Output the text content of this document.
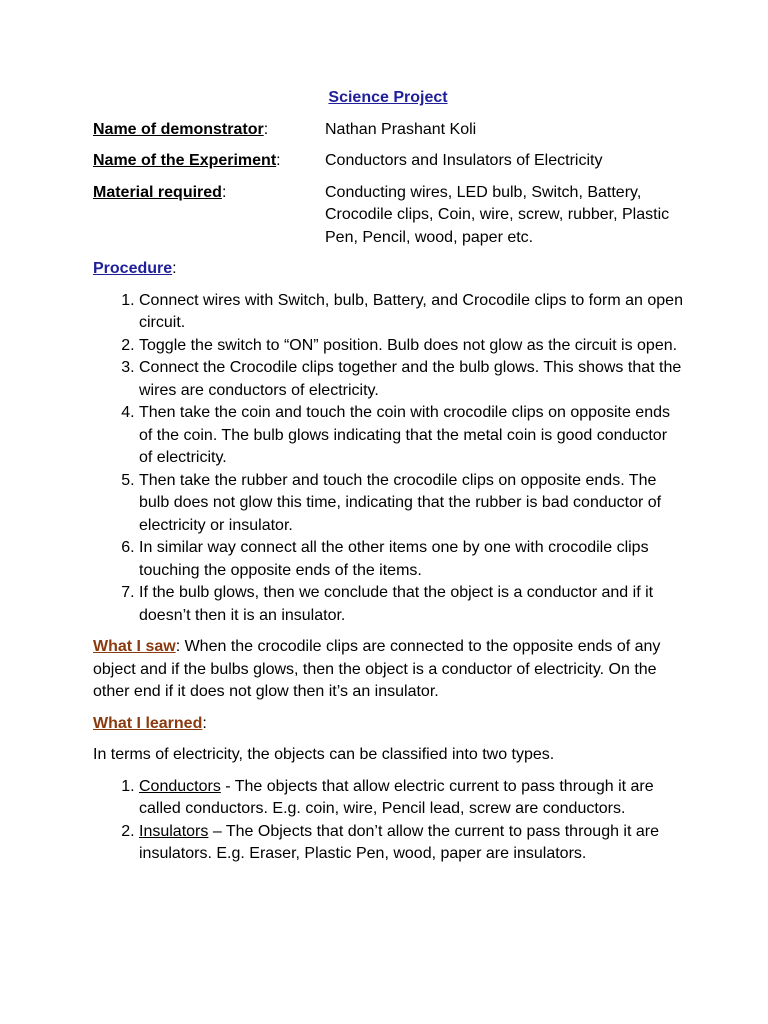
Science Project
Name of demonstrator:	Nathan Prashant Koli
Name of the Experiment:	Conductors and Insulators of Electricity
Material required:	Conducting wires, LED bulb, Switch, Battery, Crocodile clips, Coin, wire, screw, rubber, Plastic Pen, Pencil, wood, paper etc.
Procedure:
1. Connect wires with Switch, bulb, Battery, and Crocodile clips to form an open circuit.
2. Toggle the switch to “ON” position. Bulb does not glow as the circuit is open.
3. Connect the Crocodile clips together and the bulb glows. This shows that the wires are conductors of electricity.
4. Then take the coin and touch the coin with crocodile clips on opposite ends of the coin. The bulb glows indicating that the metal coin is good conductor of electricity.
5. Then take the rubber and touch the crocodile clips on opposite ends. The bulb does not glow this time, indicating that the rubber is bad conductor of electricity or insulator.
6. In similar way connect all the other items one by one with crocodile clips touching the opposite ends of the items.
7. If the bulb glows, then we conclude that the object is a conductor and if it doesn’t then it is an insulator.

What I saw: When the crocodile clips are connected to the opposite ends of any object and if the bulbs glows, then the object is a conductor of electricity. On the other end if it does not glow then it’s an insulator.

What I learned:

In terms of electricity, the objects can be classified into two types.

1. Conductors - The objects that allow electric current to pass through it are called conductors. E.g. coin, wire, Pencil lead, screw are conductors.
2. Insulators – The Objects that don’t allow the current to pass through it are insulators. E.g. Eraser, Plastic Pen, wood, paper are insulators.
